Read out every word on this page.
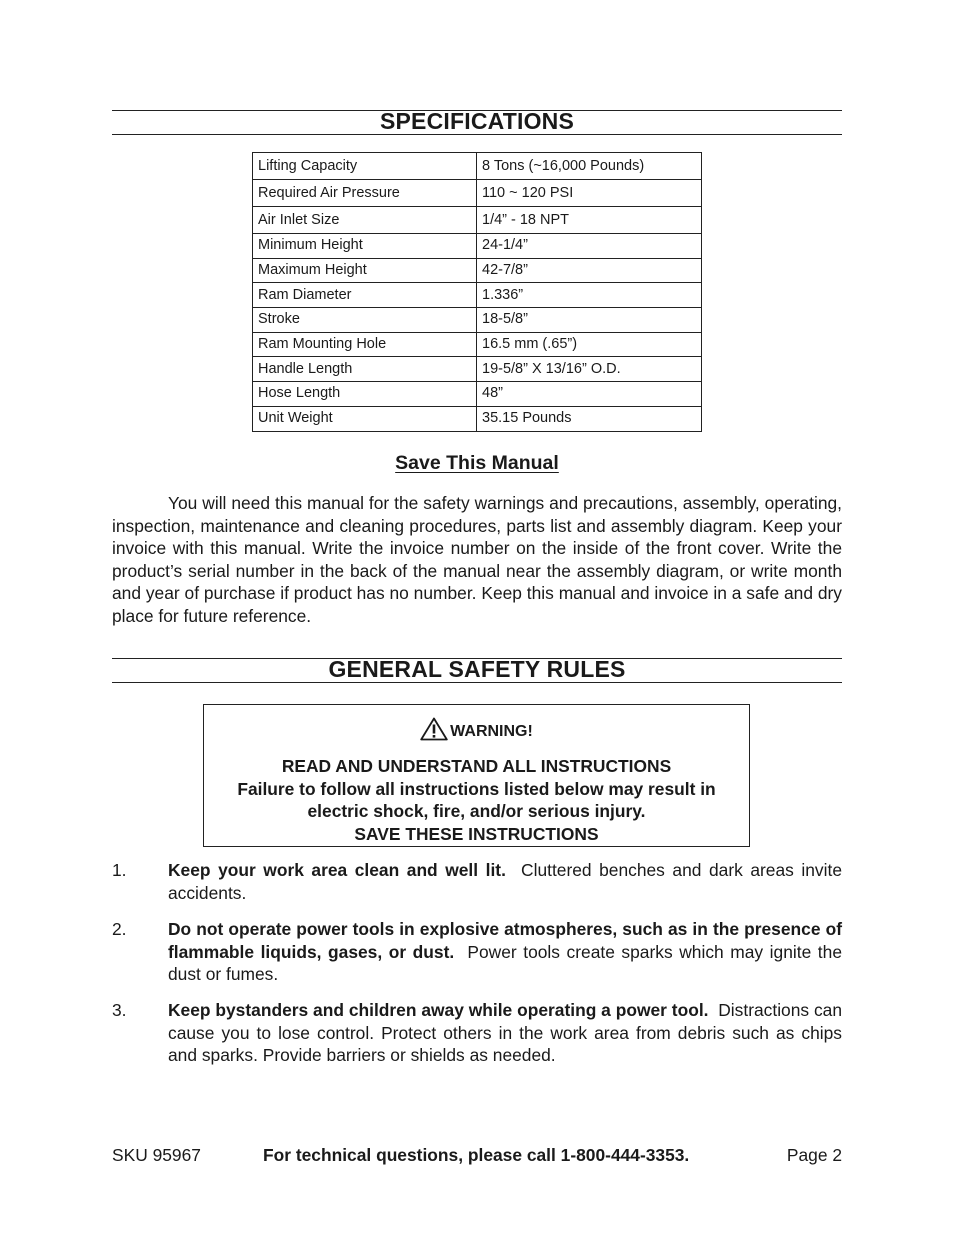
SPECIFICATIONS
Lifting Capacity	8 Tons (~16,000 Pounds)
Required Air Pressure	110 ~ 120 PSI
Air Inlet Size	1/4” - 18 NPT
Minimum Height	24-1/4”
Maximum Height	42-7/8”
Ram Diameter	1.336”
Stroke	18-5/8”
Ram Mounting Hole	16.5 mm (.65”)
Handle Length	19-5/8” X 13/16” O.D.
Hose Length	48”
Unit Weight	35.15 Pounds
Save This Manual

You will need this manual for the safety warnings and precautions, assembly, operating, inspection, maintenance and cleaning procedures, parts list and assembly diagram. Keep your invoice with this manual. Write the invoice number on the inside of the front cover. Write the product’s serial number in the back of the manual near the assembly diagram, or write month and year of purchase if product has no number. Keep this manual and invoice in a safe and dry place for future reference.

GENERAL SAFETY RULES
WARNING!
READ AND UNDERSTAND ALL INSTRUCTIONS
Failure to follow all instructions listed below may result in
electric shock, fire, and/or serious injury.
SAVE THESE INSTRUCTIONS
1. Keep your work area clean and well lit. Cluttered benches and dark areas invite accidents.
2. Do not operate power tools in explosive atmospheres, such as in the presence of flammable liquids, gases, or dust. Power tools create sparks which may ignite the dust or fumes.
3. Keep bystanders and children away while operating a power tool. Distractions can cause you to lose control. Protect others in the work area from debris such as chips and sparks. Provide barriers or shields as needed.
SKU 95967	For technical questions, please call 1-800-444-3353.	Page 2
